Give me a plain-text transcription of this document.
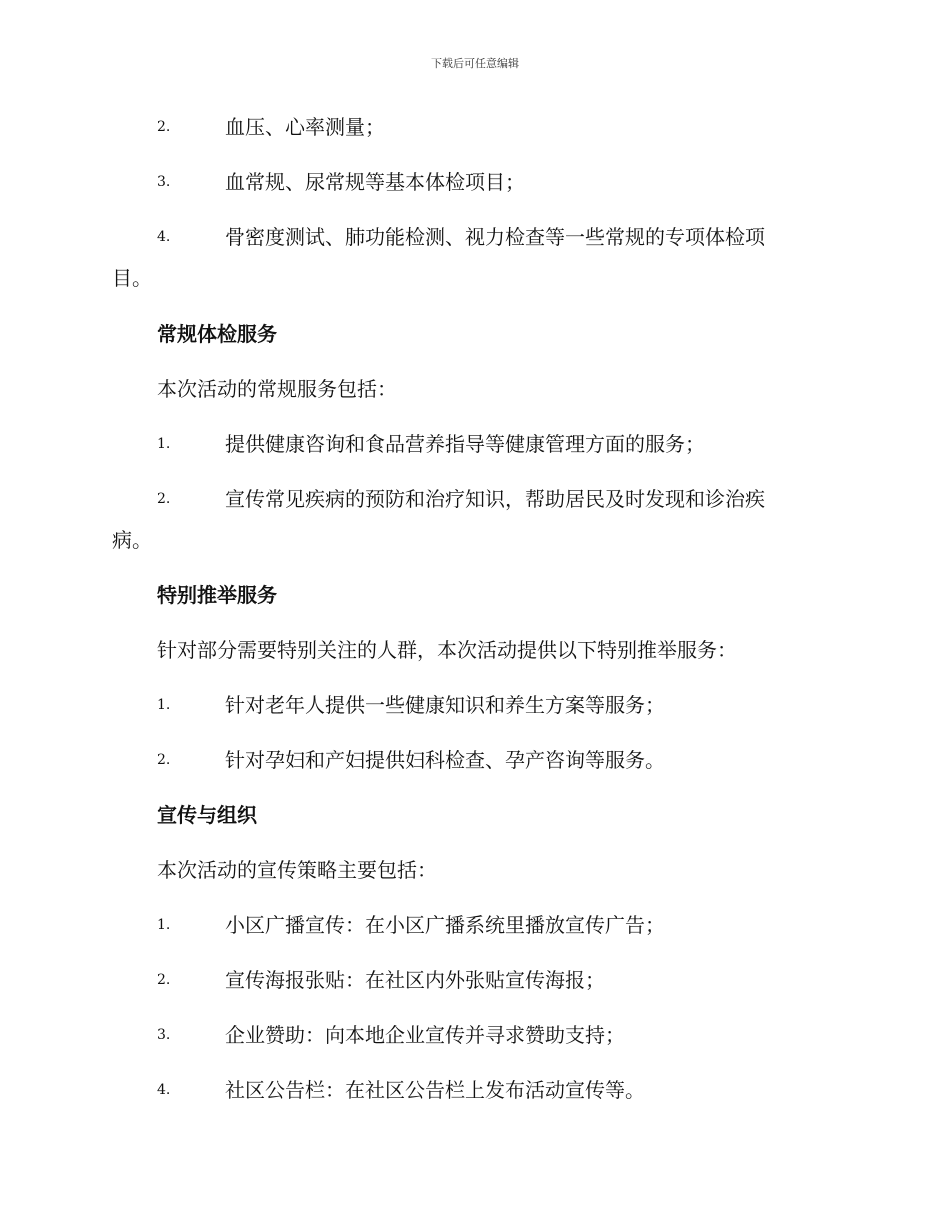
下载后可任意编辑
2.	血压、心率测量；
3.	血常规、尿常规等基本体检项目；
4.	骨密度测试、肺功能检测、视力检查等一些常规的专项体检项
目。
常规体检服务
本次活动的常规服务包括：
1.	提供健康咨询和食品营养指导等健康管理方面的服务；
2.	宣传常见疾病的预防和治疗知识，帮助居民及时发现和诊治疾
病。
特别推举服务
针对部分需要特别关注的人群，本次活动提供以下特别推举服务：
1.	针对老年人提供一些健康知识和养生方案等服务；
2.	针对孕妇和产妇提供妇科检查、孕产咨询等服务。
宣传与组织
本次活动的宣传策略主要包括：
1.	小区广播宣传：在小区广播系统里播放宣传广告；
2.	宣传海报张贴：在社区内外张贴宣传海报；
3.	企业赞助：向本地企业宣传并寻求赞助支持；
4.	社区公告栏：在社区公告栏上发布活动宣传等。
